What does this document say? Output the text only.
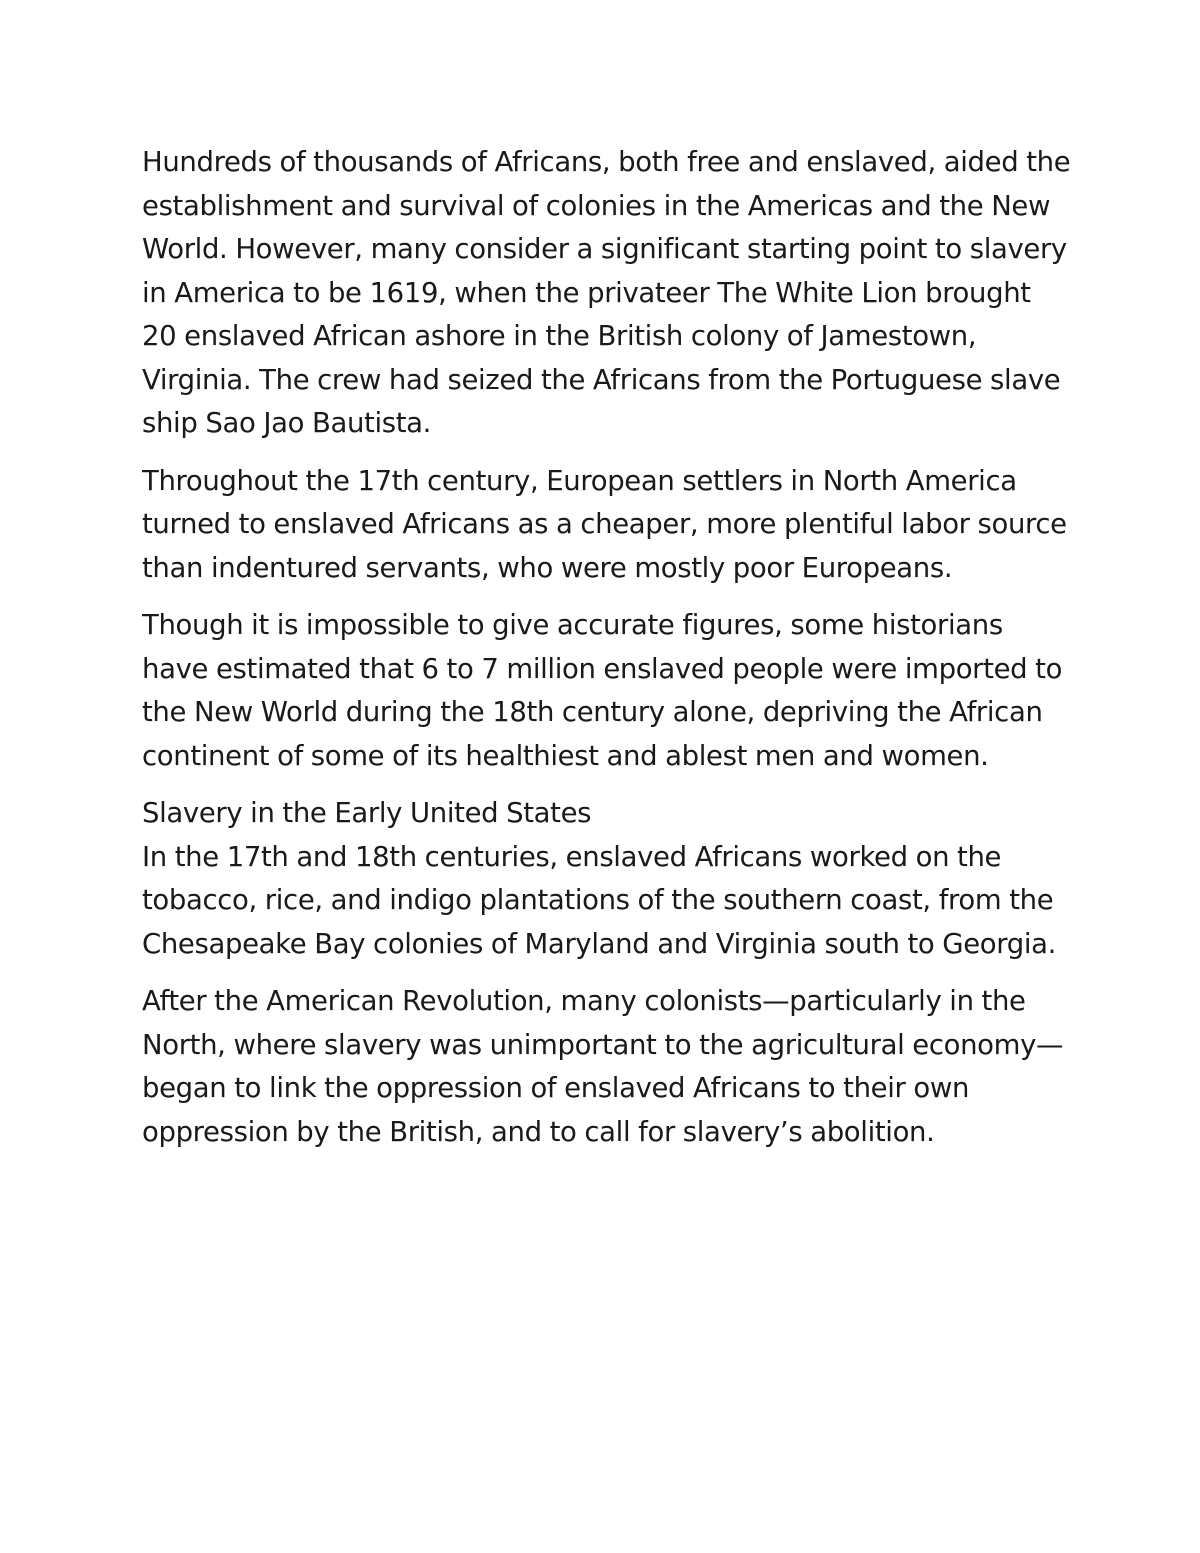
Hundreds of thousands of Africans, both free and enslaved, aided the establishment and survival of colonies in the Americas and the New World. However, many consider a significant starting point to slavery in America to be 1619, when the privateer The White Lion brought 20 enslaved African ashore in the British colony of Jamestown, Virginia. The crew had seized the Africans from the Portuguese slave ship Sao Jao Bautista.

Throughout the 17th century, European settlers in North America turned to enslaved Africans as a cheaper, more plentiful labor source than indentured servants, who were mostly poor Europeans.

Though it is impossible to give accurate figures, some historians have estimated that 6 to 7 million enslaved people were imported to the New World during the 18th century alone, depriving the African continent of some of its healthiest and ablest men and women.

Slavery in the Early United States

In the 17th and 18th centuries, enslaved Africans worked on the tobacco, rice, and indigo plantations of the southern coast, from the Chesapeake Bay colonies of Maryland and Virginia south to Georgia.

After the American Revolution, many colonists—particularly in the North, where slavery was unimportant to the agricultural economy—began to link the oppression of enslaved Africans to their own oppression by the British, and to call for slavery’s abolition.
